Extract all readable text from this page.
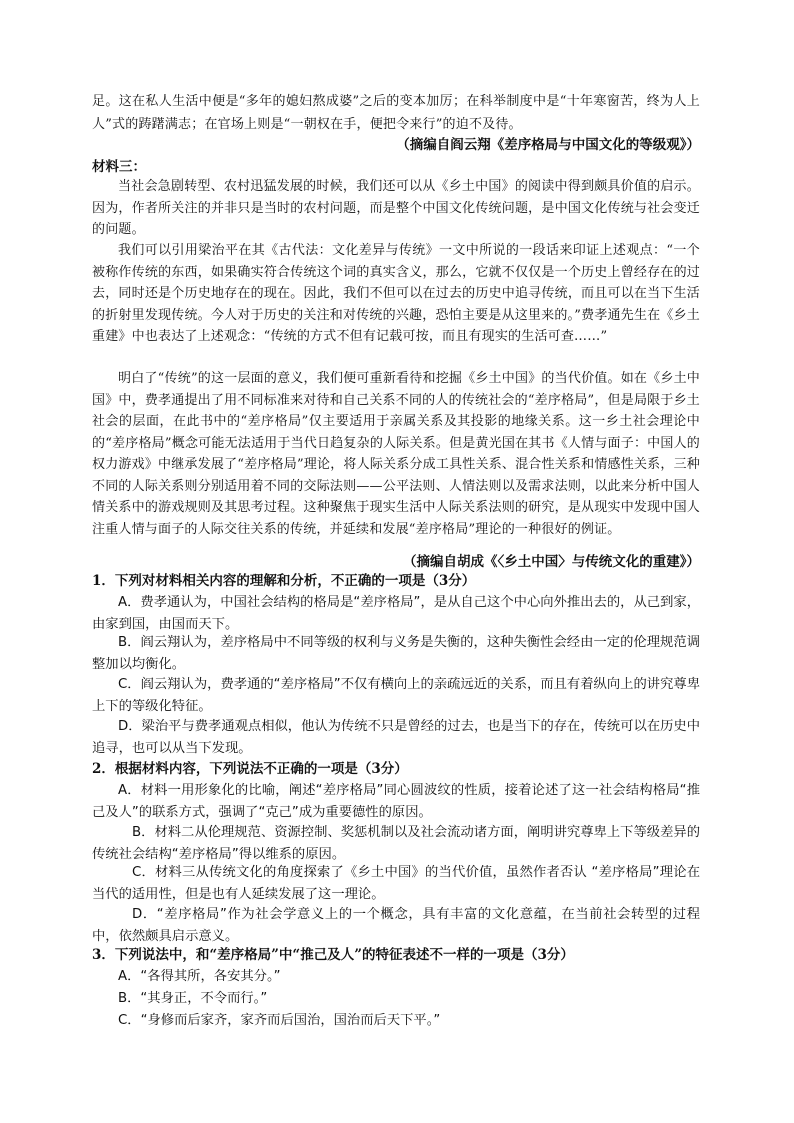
足。这在私人生活中便是“多年的媳妇熬成婆”之后的变本加厉；在科举制度中是“十年寒窗苦，终为人上人”式的踌躇满志；在官场上则是“一朝权在手，便把令来行”的迫不及待。

（摘编自阎云翔《差序格局与中国文化的等级观》）
材料三：

当社会急剧转型、农村迅猛发展的时候，我们还可以从《乡土中国》的阅读中得到颇具价值的启示。因为，作者所关注的并非只是当时的农村问题，而是整个中国文化传统问题，是中国文化传统与社会变迁的问题。

我们可以引用梁治平在其《古代法：文化差异与传统》一文中所说的一段话来印证上述观点：“一个被称作传统的东西，如果确实符合传统这个词的真实含义，那么，它就不仅仅是一个历史上曾经存在的过去，同时还是个历史地存在的现在。因此，我们不但可以在过去的历史中追寻传统，而且可以在当下生活的折射里发现传统。今人对于历史的关注和对传统的兴趣，恐怕主要是从这里来的。”费孝通先生在《乡土重建》中也表达了上述观念：“传统的方式不但有记载可按，而且有现实的生活可查……”

明白了“传统”的这一层面的意义，我们便可重新看待和挖掘《乡土中国》的当代价值。如在《乡土中国》中，费孝通提出了用不同标准来对待和自己关系不同的人的传统社会的“差序格局”，但是局限于乡土社会的层面，在此书中的“差序格局”仅主要适用于亲属关系及其投影的地缘关系。这一乡土社会理论中的“差序格局”概念可能无法适用于当代日趋复杂的人际关系。但是黄光国在其书《人情与面子：中国人的权力游戏》中继承发展了“差序格局”理论，将人际关系分成工具性关系、混合性关系和情感性关系，三种不同的人际关系则分别适用着不同的交际法则——公平法则、人情法则以及需求法则，以此来分析中国人情关系中的游戏规则及其思考过程。这种聚焦于现实生活中人际关系法则的研究，是从现实中发现中国人注重人情与面子的人际交往关系的传统，并延续和发展“差序格局”理论的一种很好的例证。

（摘编自胡成《〈乡土中国〉与传统文化的重建》）
1．下列对材料相关内容的理解和分析，不正确的一项是（3分）
A．费孝通认为，中国社会结构的格局是“差序格局”，是从自己这个中心向外推出去的，从己到家，由家到国，由国而天下。
B．阎云翔认为，差序格局中不同等级的权利与义务是失衡的，这种失衡性会经由一定的伦理规范调整加以均衡化。
C．阎云翔认为，费孝通的“差序格局”不仅有横向上的亲疏远近的关系，而且有着纵向上的讲究尊卑上下的等级化特征。
D．梁治平与费孝通观点相似，他认为传统不只是曾经的过去，也是当下的存在，传统可以在历史中追寻，也可以从当下发现。
2．根据材料内容，下列说法不正确的一项是（3分）
A．材料一用形象化的比喻，阐述“差序格局”同心圆波纹的性质，接着论述了这一社会结构格局“推己及人”的联系方式，强调了“克己”成为重要德性的原因。
B．材料二从伦理规范、资源控制、奖惩机制以及社会流动诸方面，阐明讲究尊卑上下等级差异的传统社会结构“差序格局”得以维系的原因。
C．材料三从传统文化的角度探索了《乡土中国》的当代价值，虽然作者否认 “差序格局”理论在当代的适用性，但是也有人延续发展了这一理论。
D．“差序格局”作为社会学意义上的一个概念，具有丰富的文化意蕴，在当前社会转型的过程中，依然颇具启示意义。
3．下列说法中，和“差序格局”中“推己及人”的特征表述不一样的一项是（3分）
A．“各得其所，各安其分。”
B．“其身正，不令而行。”
C．“身修而后家齐，家齐而后国治，国治而后天下平。”
